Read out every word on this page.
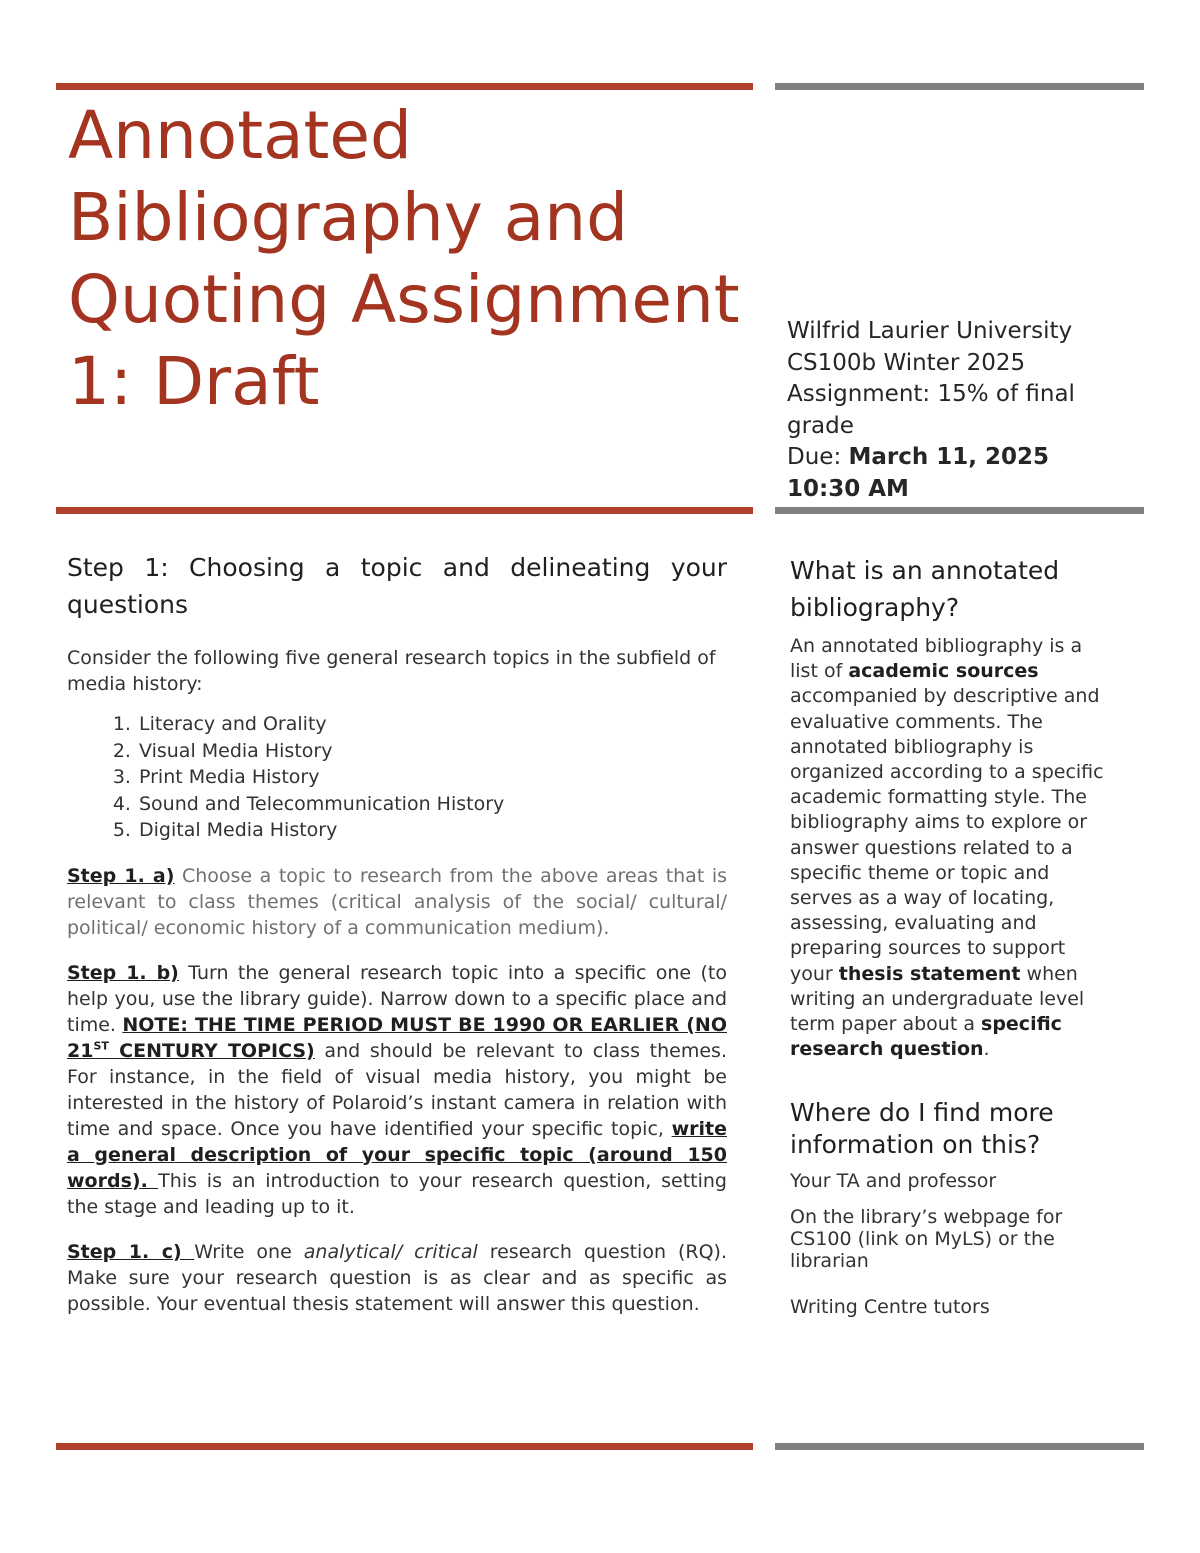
Annotated Bibliography and Quoting Assignment 1: Draft
Wilfrid Laurier University
CS100b Winter 2025
Assignment: 15% of final grade
Due: March 11, 2025 10:30 AM
Step 1: Choosing a topic and delineating your questions

Consider the following five general research topics in the subfield of media history:

1. Literacy and Orality
2. Visual Media History
3. Print Media History
4. Sound and Telecommunication History
5. Digital Media History

Step 1. a) Choose a topic to research from the above areas that is relevant to class themes (critical analysis of the social/ cultural/ political/ economic history of a communication medium).

Step 1. b) Turn the general research topic into a specific one (to help you, use the library guide). Narrow down to a specific place and time. NOTE: THE TIME PERIOD MUST BE 1990 OR EARLIER (NO 21ST CENTURY TOPICS) and should be relevant to class themes. For instance, in the field of visual media history, you might be interested in the history of Polaroid’s instant camera in relation with time and space. Once you have identified your specific topic, write a general description of your specific topic (around 150 words). This is an introduction to your research question, setting the stage and leading up to it.

Step 1. c) Write one analytical/ critical research question (RQ). Make sure your research question is as clear and as specific as possible. Your eventual thesis statement will answer this question.

What is an annotated bibliography?

An annotated bibliography is a list of academic sources accompanied by descriptive and evaluative comments. The annotated bibliography is organized according to a specific academic formatting style. The bibliography aims to explore or answer questions related to a specific theme or topic and serves as a way of locating, assessing, evaluating and preparing sources to support your thesis statement when writing an undergraduate level term paper about a specific research question.

Where do I find more information on this?

Your TA and professor

On the library’s webpage for CS100 (link on MyLS) or the librarian

Writing Centre tutors
